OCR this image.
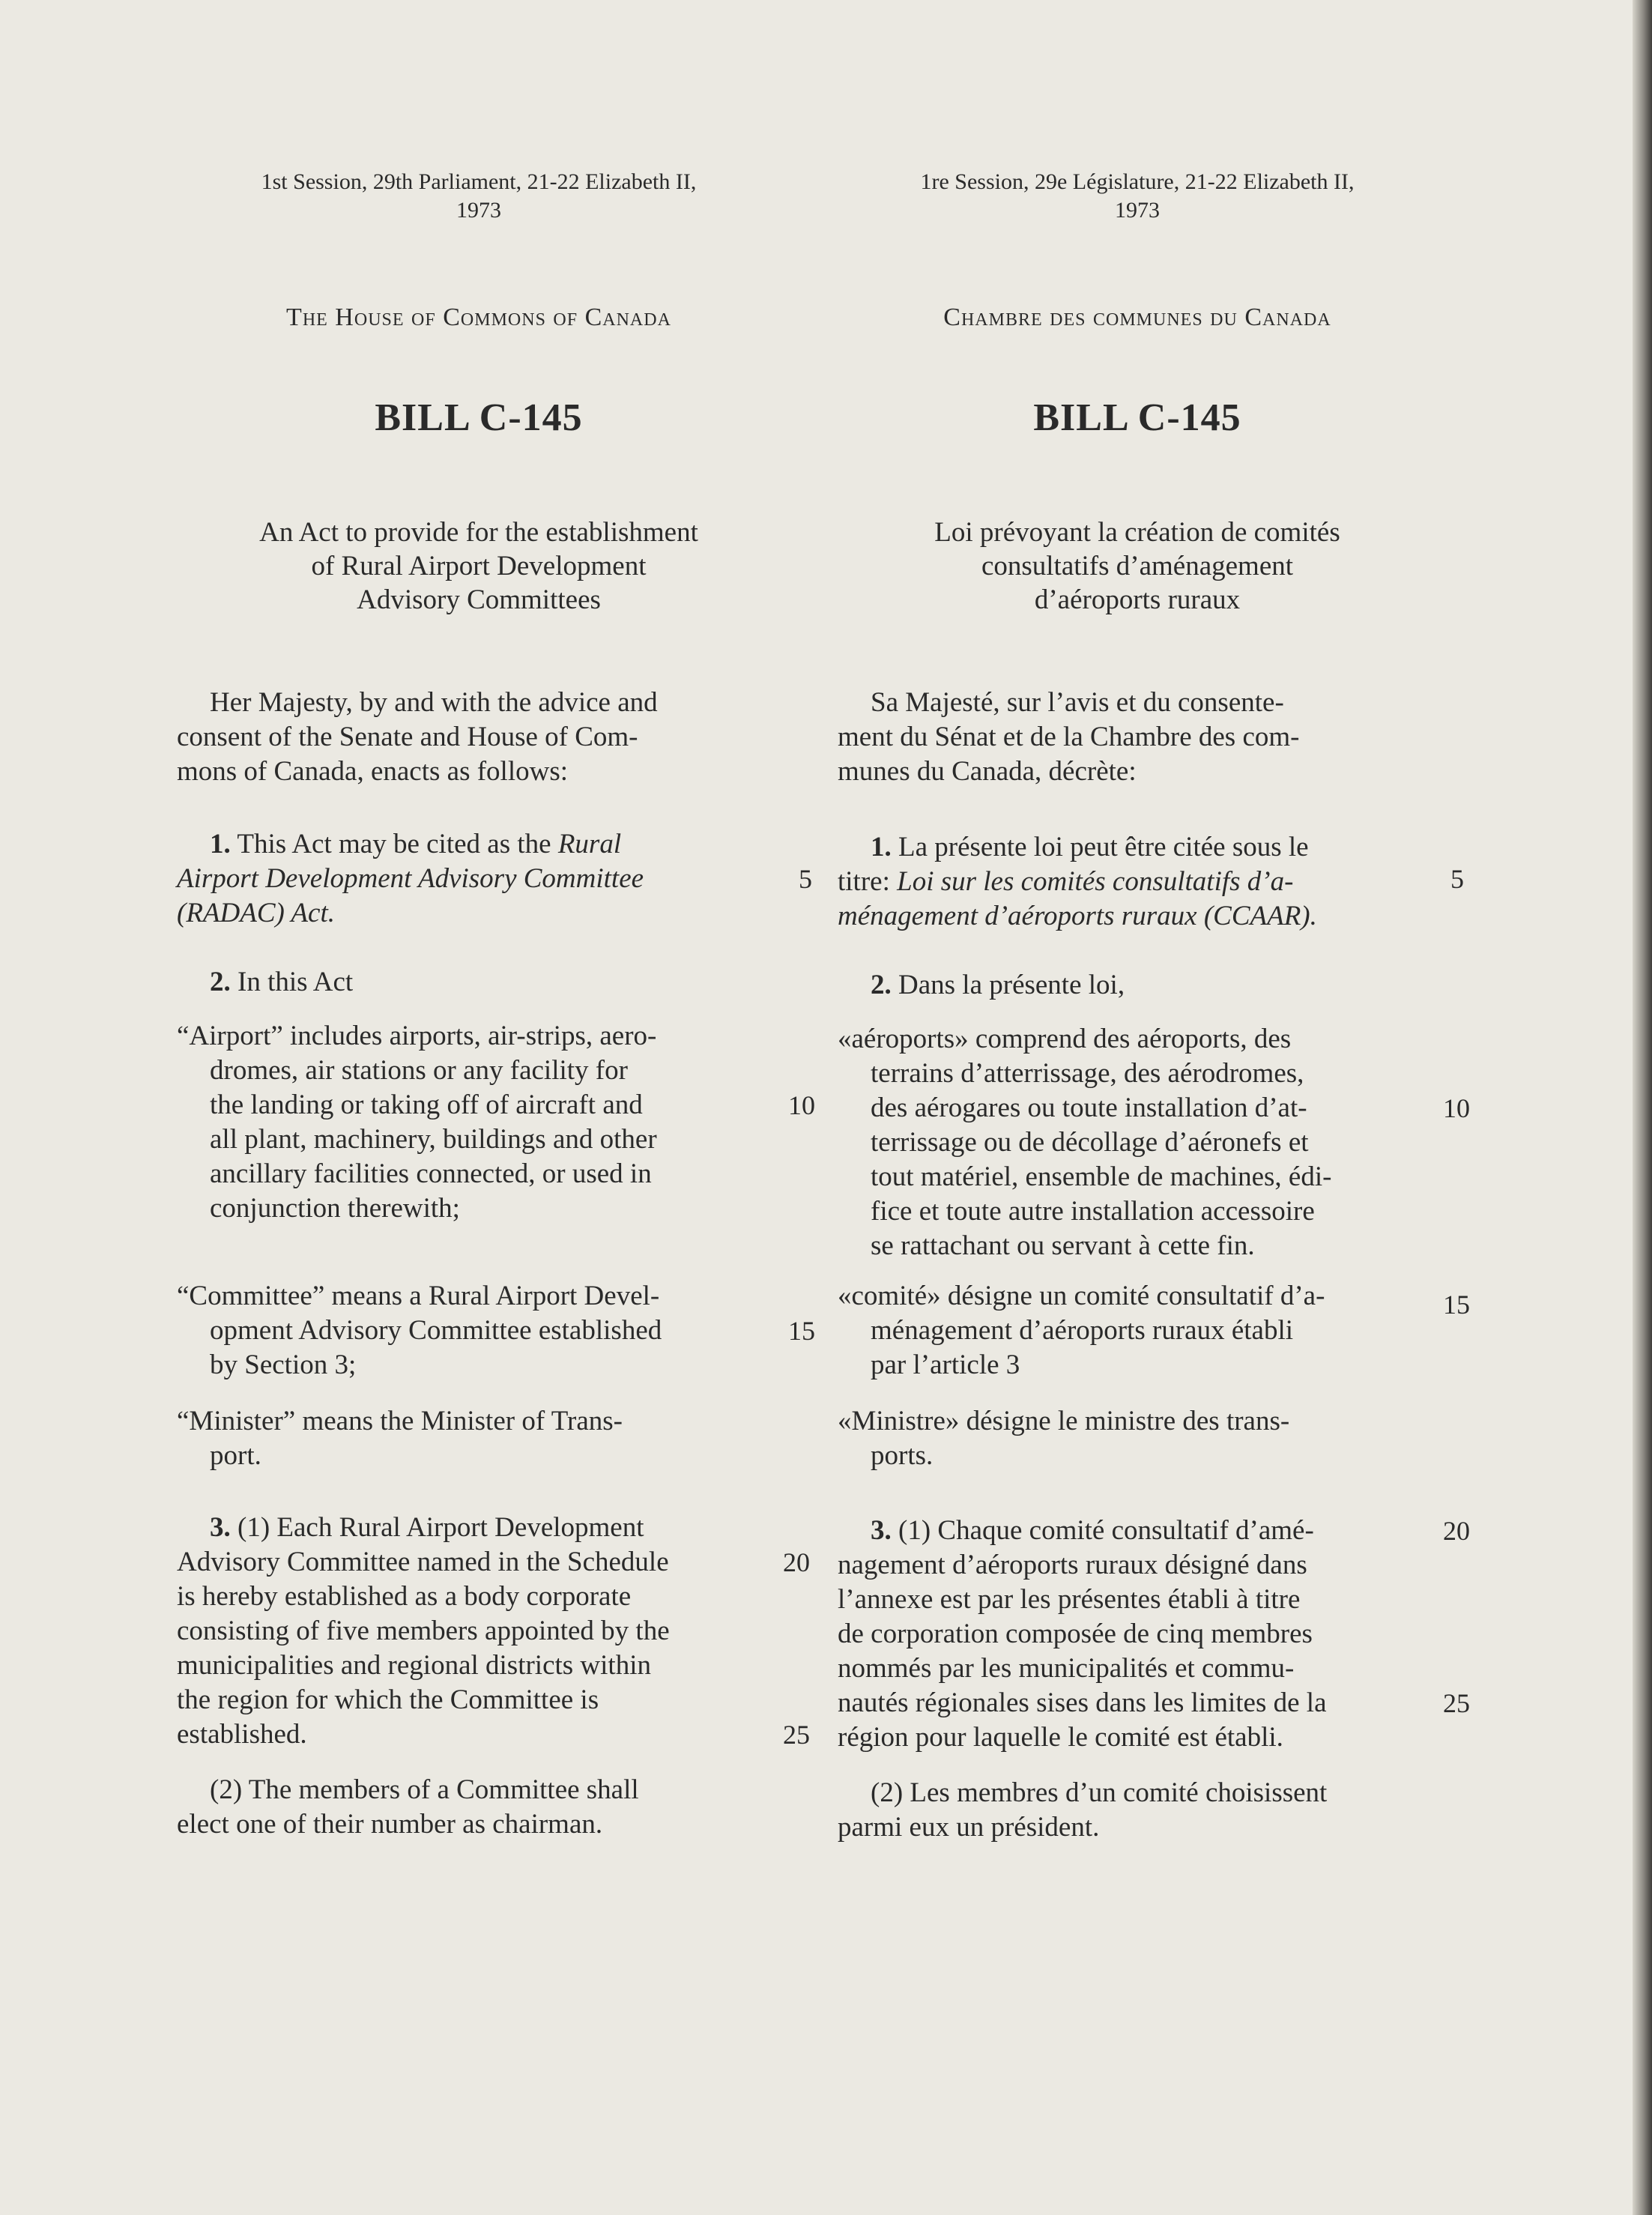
1st Session, 29th Parliament, 21-22 Elizabeth II,
1973
The House of Commons of Canada
BILL C-145
An Act to provide for the establishment
of Rural Airport Development
Advisory Committees
Her Majesty, by and with the advice and
consent of the Senate and House of Com-
mons of Canada, enacts as follows:
1. This Act may be cited as the Rural
Airport Development Advisory Committee
(RADAC) Act.
2. In this Act
“Airport” includes airports, air-strips, aero-
dromes, air stations or any facility for
the landing or taking off of aircraft and
all plant, machinery, buildings and other
ancillary facilities connected, or used in
conjunction therewith;
“Committee” means a Rural Airport Devel-
opment Advisory Committee established
by Section 3;
“Minister” means the Minister of Trans-
port.
3. (1) Each Rural Airport Development
Advisory Committee named in the Schedule
is hereby established as a body corporate
consisting of five members appointed by the
municipalities and regional districts within
the region for which the Committee is
established.
(2) The members of a Committee shall
elect one of their number as chairman.
5
10
15
20
25
1re Session, 29e Législature, 21-22 Elizabeth II,
1973
Chambre des communes du Canada
BILL C-145
Loi prévoyant la création de comités
consultatifs d’aménagement
d’aéroports ruraux
Sa Majesté, sur l’avis et du consente-
ment du Sénat et de la Chambre des com-
munes du Canada, décrète:
1. La présente loi peut être citée sous le
titre: Loi sur les comités consultatifs d’a-
ménagement d’aéroports ruraux (CCAAR).
2. Dans la présente loi,
«aéroports» comprend des aéroports, des
terrains d’atterrissage, des aérodromes,
des aérogares ou toute installation d’at-
terrissage ou de décollage d’aéronefs et
tout matériel, ensemble de machines, édi-
fice et toute autre installation accessoire
se rattachant ou servant à cette fin.
«comité» désigne un comité consultatif d’a-
ménagement d’aéroports ruraux établi
par l’article 3
«Ministre» désigne le ministre des trans-
ports.
3. (1) Chaque comité consultatif d’amé-
nagement d’aéroports ruraux désigné dans
l’annexe est par les présentes établi à titre
de corporation composée de cinq membres
nommés par les municipalités et commu-
nautés régionales sises dans les limites de la
région pour laquelle le comité est établi.
(2) Les membres d’un comité choisissent
parmi eux un président.
5
10
15
20
25
